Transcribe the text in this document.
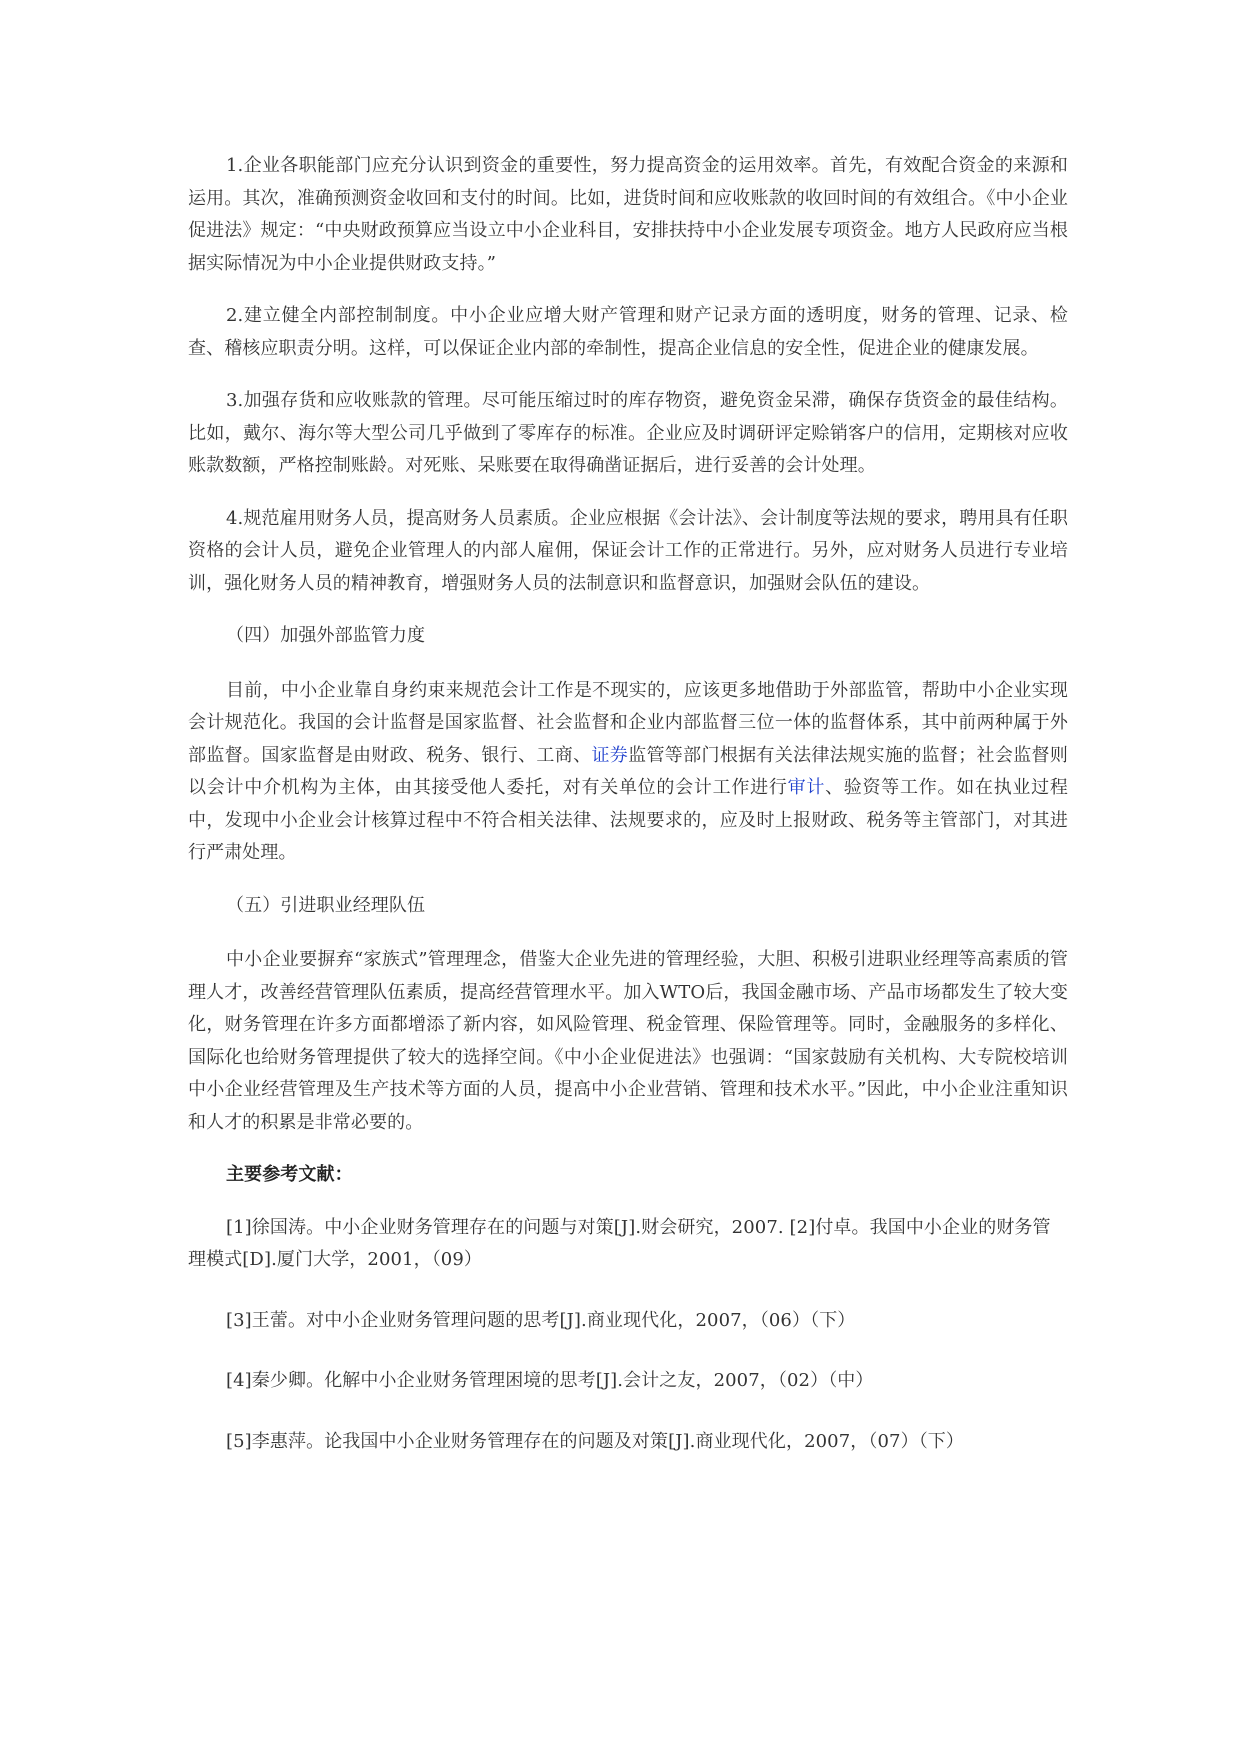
1.企业各职能部门应充分认识到资金的重要性，努力提高资金的运用效率。首先，有效配合资金的来源和运用。其次，准确预测资金收回和支付的时间。比如，进货时间和应收账款的收回时间的有效组合。《中小企业促进法》规定：“中央财政预算应当设立中小企业科目，安排扶持中小企业发展专项资金。地方人民政府应当根据实际情况为中小企业提供财政支持。”

2.建立健全内部控制制度。中小企业应增大财产管理和财产记录方面的透明度，财务的管理、记录、检查、稽核应职责分明。这样，可以保证企业内部的牵制性，提高企业信息的安全性，促进企业的健康发展。

3.加强存货和应收账款的管理。尽可能压缩过时的库存物资，避免资金呆滞，确保存货资金的最佳结构。比如，戴尔、海尔等大型公司几乎做到了零库存的标准。企业应及时调研评定赊销客户的信用，定期核对应收账款数额，严格控制账龄。对死账、呆账要在取得确凿证据后，进行妥善的会计处理。

4.规范雇用财务人员，提高财务人员素质。企业应根据《会计法》、会计制度等法规的要求，聘用具有任职资格的会计人员，避免企业管理人的内部人雇佣，保证会计工作的正常进行。另外，应对财务人员进行专业培训，强化财务人员的精神教育，增强财务人员的法制意识和监督意识，加强财会队伍的建设。

（四）加强外部监管力度

目前，中小企业靠自身约束来规范会计工作是不现实的，应该更多地借助于外部监管，帮助中小企业实现会计规范化。我国的会计监督是国家监督、社会监督和企业内部监督三位一体的监督体系，其中前两种属于外部监督。国家监督是由财政、税务、银行、工商、证券监管等部门根据有关法律法规实施的监督；社会监督则以会计中介机构为主体，由其接受他人委托，对有关单位的会计工作进行审计、验资等工作。如在执业过程中，发现中小企业会计核算过程中不符合相关法律、法规要求的，应及时上报财政、税务等主管部门，对其进行严肃处理。

（五）引进职业经理队伍

中小企业要摒弃“家族式”管理理念，借鉴大企业先进的管理经验，大胆、积极引进职业经理等高素质的管理人才，改善经营管理队伍素质，提高经营管理水平。加入WTO后，我国金融市场、产品市场都发生了较大变化，财务管理在许多方面都增添了新内容，如风险管理、税金管理、保险管理等。同时，金融服务的多样化、国际化也给财务管理提供了较大的选择空间。《中小企业促进法》也强调：“国家鼓励有关机构、大专院校培训中小企业经营管理及生产技术等方面的人员，提高中小企业营销、管理和技术水平。”因此，中小企业注重知识和人才的积累是非常必要的。

主要参考文献：

[1]徐国涛。中小企业财务管理存在的问题与对策[J].财会研究，2007. [2]付卓。我国中小企业的财务管理模式[D].厦门大学，2001，（09）

[3]王蕾。对中小企业财务管理问题的思考[J].商业现代化，2007，（06）（下）

[4]秦少卿。化解中小企业财务管理困境的思考[J].会计之友，2007，（02）（中）

[5]李惠萍。论我国中小企业财务管理存在的问题及对策[J].商业现代化，2007，（07）（下）
